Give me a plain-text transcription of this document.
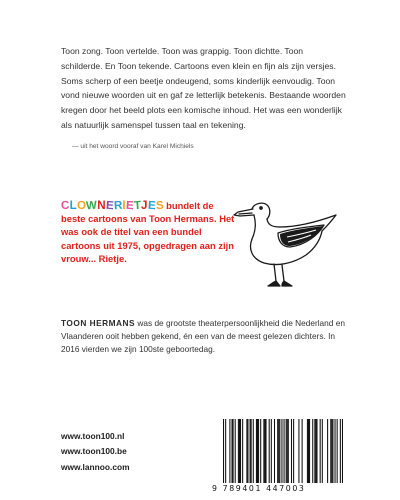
Toon zong. Toon vertelde. Toon was grappig. Toon dichtte. Toon schilderde. En Toon tekende. Cartoons even klein en fijn als zijn versjes. Soms scherp of een beetje ondeugend, soms kinderlijk eenvoudig. Toon vond nieuwe woorden uit en gaf ze letterlijk betekenis. Bestaande woorden kregen door het beeld plots een komische inhoud. Het was een wonderlijk als natuurlijk samenspel tussen taal en tekening.

— uit het woord vooraf van Karel Michiels
CLOWNERIETJES bundelt de beste cartoons van Toon Hermans. Het was ook de titel van een bundel cartoons uit 1975, opgedragen aan zijn vrouw... Rietje.
TOON HERMANS was de grootste theaterpersoonlijkheid die Nederland en Vlaanderen ooit hebben gekend, én een van de meest gelezen dichters. In 2016 vierden we zijn 100ste geboortedag.
www.toon100.nl
www.toon100.be
www.lannoo.com
9 789401 447003
